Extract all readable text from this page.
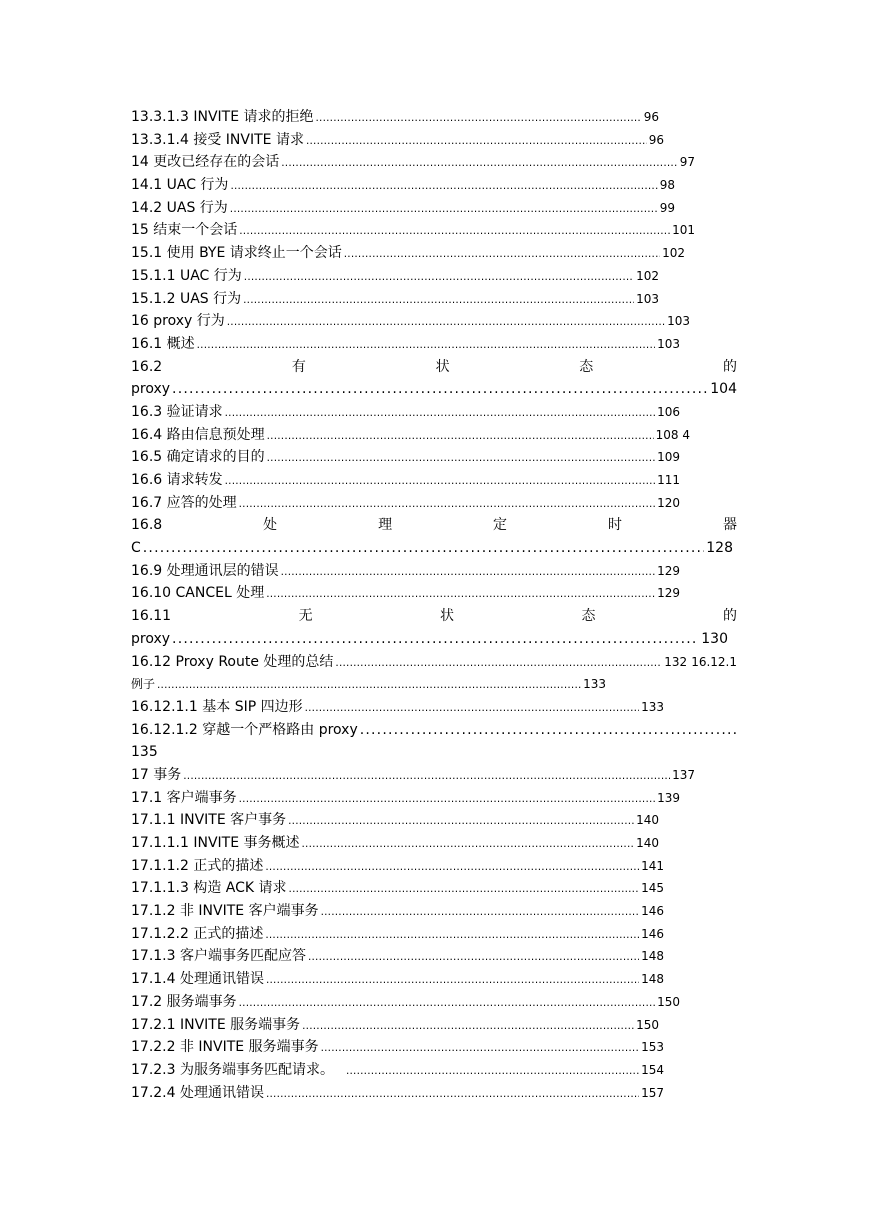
13.3.1.3 INVITE 请求的拒绝 .....	96
13.3.1.4 接受 INVITE 请求 .....	96
14 更改已经存在的会话 .....	97
14.1 UAC 行为 .....	98
14.2 UAS 行为 .....	99
15 结束一个会话 .....	101
15.1 使用 BYE 请求终止一个会话 .....	102
15.1.1 UAC 行为 .....	102
15.1.2 UAS 行为 .....	103
16 proxy 行为 .....	103
16.1 概述 .....	103
16.2	有	状	态	的
proxy .....	104
16.3 验证请求 .....	106
16.4 路由信息预处理 .....	108 4
16.5 确定请求的目的 .....	109
16.6 请求转发 .....	111
16.7 应答的处理 .....	120
16.8	处	理	定	时	器
C .....	128
16.9 处理通讯层的错误 .....	129
16.10 CANCEL 处理 .....	129
16.11	无	状	态	的
proxy .....	130
16.12 Proxy Route 处理的总结 .....	132 16.12.1
例子 .....	133
16.12.1.1 基本 SIP 四边形 .....	133
16.12.1.2 穿越一个严格路由 proxy
.....
135
17 事务 .....	137
17.1 客户端事务 .....	139
17.1.1 INVITE 客户事务 .....	140
17.1.1.1 INVITE 事务概述 .....	140
17.1.1.2 正式的描述 .....	141
17.1.1.3 构造 ACK 请求 .....	145
17.1.2 非 INVITE 客户端事务 .....	146
17.1.2.2 正式的描述 .....	146
17.1.3 客户端事务匹配应答 .....	148
17.1.4 处理通讯错误 .....	148
17.2 服务端事务 .....	150
17.2.1 INVITE 服务端事务 .....	150
17.2.2 非 INVITE 服务端事务 .....	153
17.2.3 为服务端事务匹配请求。 .....	154
17.2.4 处理通讯错误 .....	157
